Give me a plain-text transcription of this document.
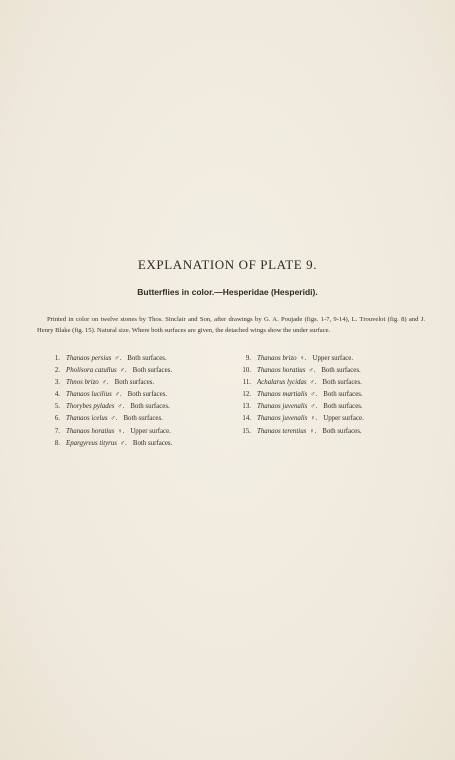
EXPLANATION OF PLATE 9.
Butterflies in color.—Hesperidae (Hesperidi).

Printed in color on twelve stones by Thos. Sinclair and Son, after drawings by G. A. Poujade (figs. 1-7, 9-14), L. Trouvelot (fig. 8) and J. Henry Blake (fig. 15). Natural size. Where both surfaces are given, the detached wings show the under surface.

1. Thanaos persius ♂. Both surfaces.
2. Pholisora catullus ♂. Both surfaces.
3. Thnos brizo ♂. Both surfaces.
4. Thanaos lucilius ♂. Both surfaces.
5. Thorybes pylades ♂. Both surfaces.
6. Thanaos icelus ♂. Both surfaces.
7. Thanaos horatius ♀. Upper surface.
8. Epargyreus tityrus ♂. Both surfaces.
9. Thanaos brizo ♀. Upper surface.
10. Thanaos horatius ♂. Both surfaces.
11. Achalarus lycidas ♂. Both surfaces.
12. Thanaos martialis ♂. Both surfaces.
13. Thanaos juvenalis ♂. Both surfaces.
14. Thanaos juvenalis ♀. Upper surface.
15. Thanaos terentius ♀. Both surfaces.
